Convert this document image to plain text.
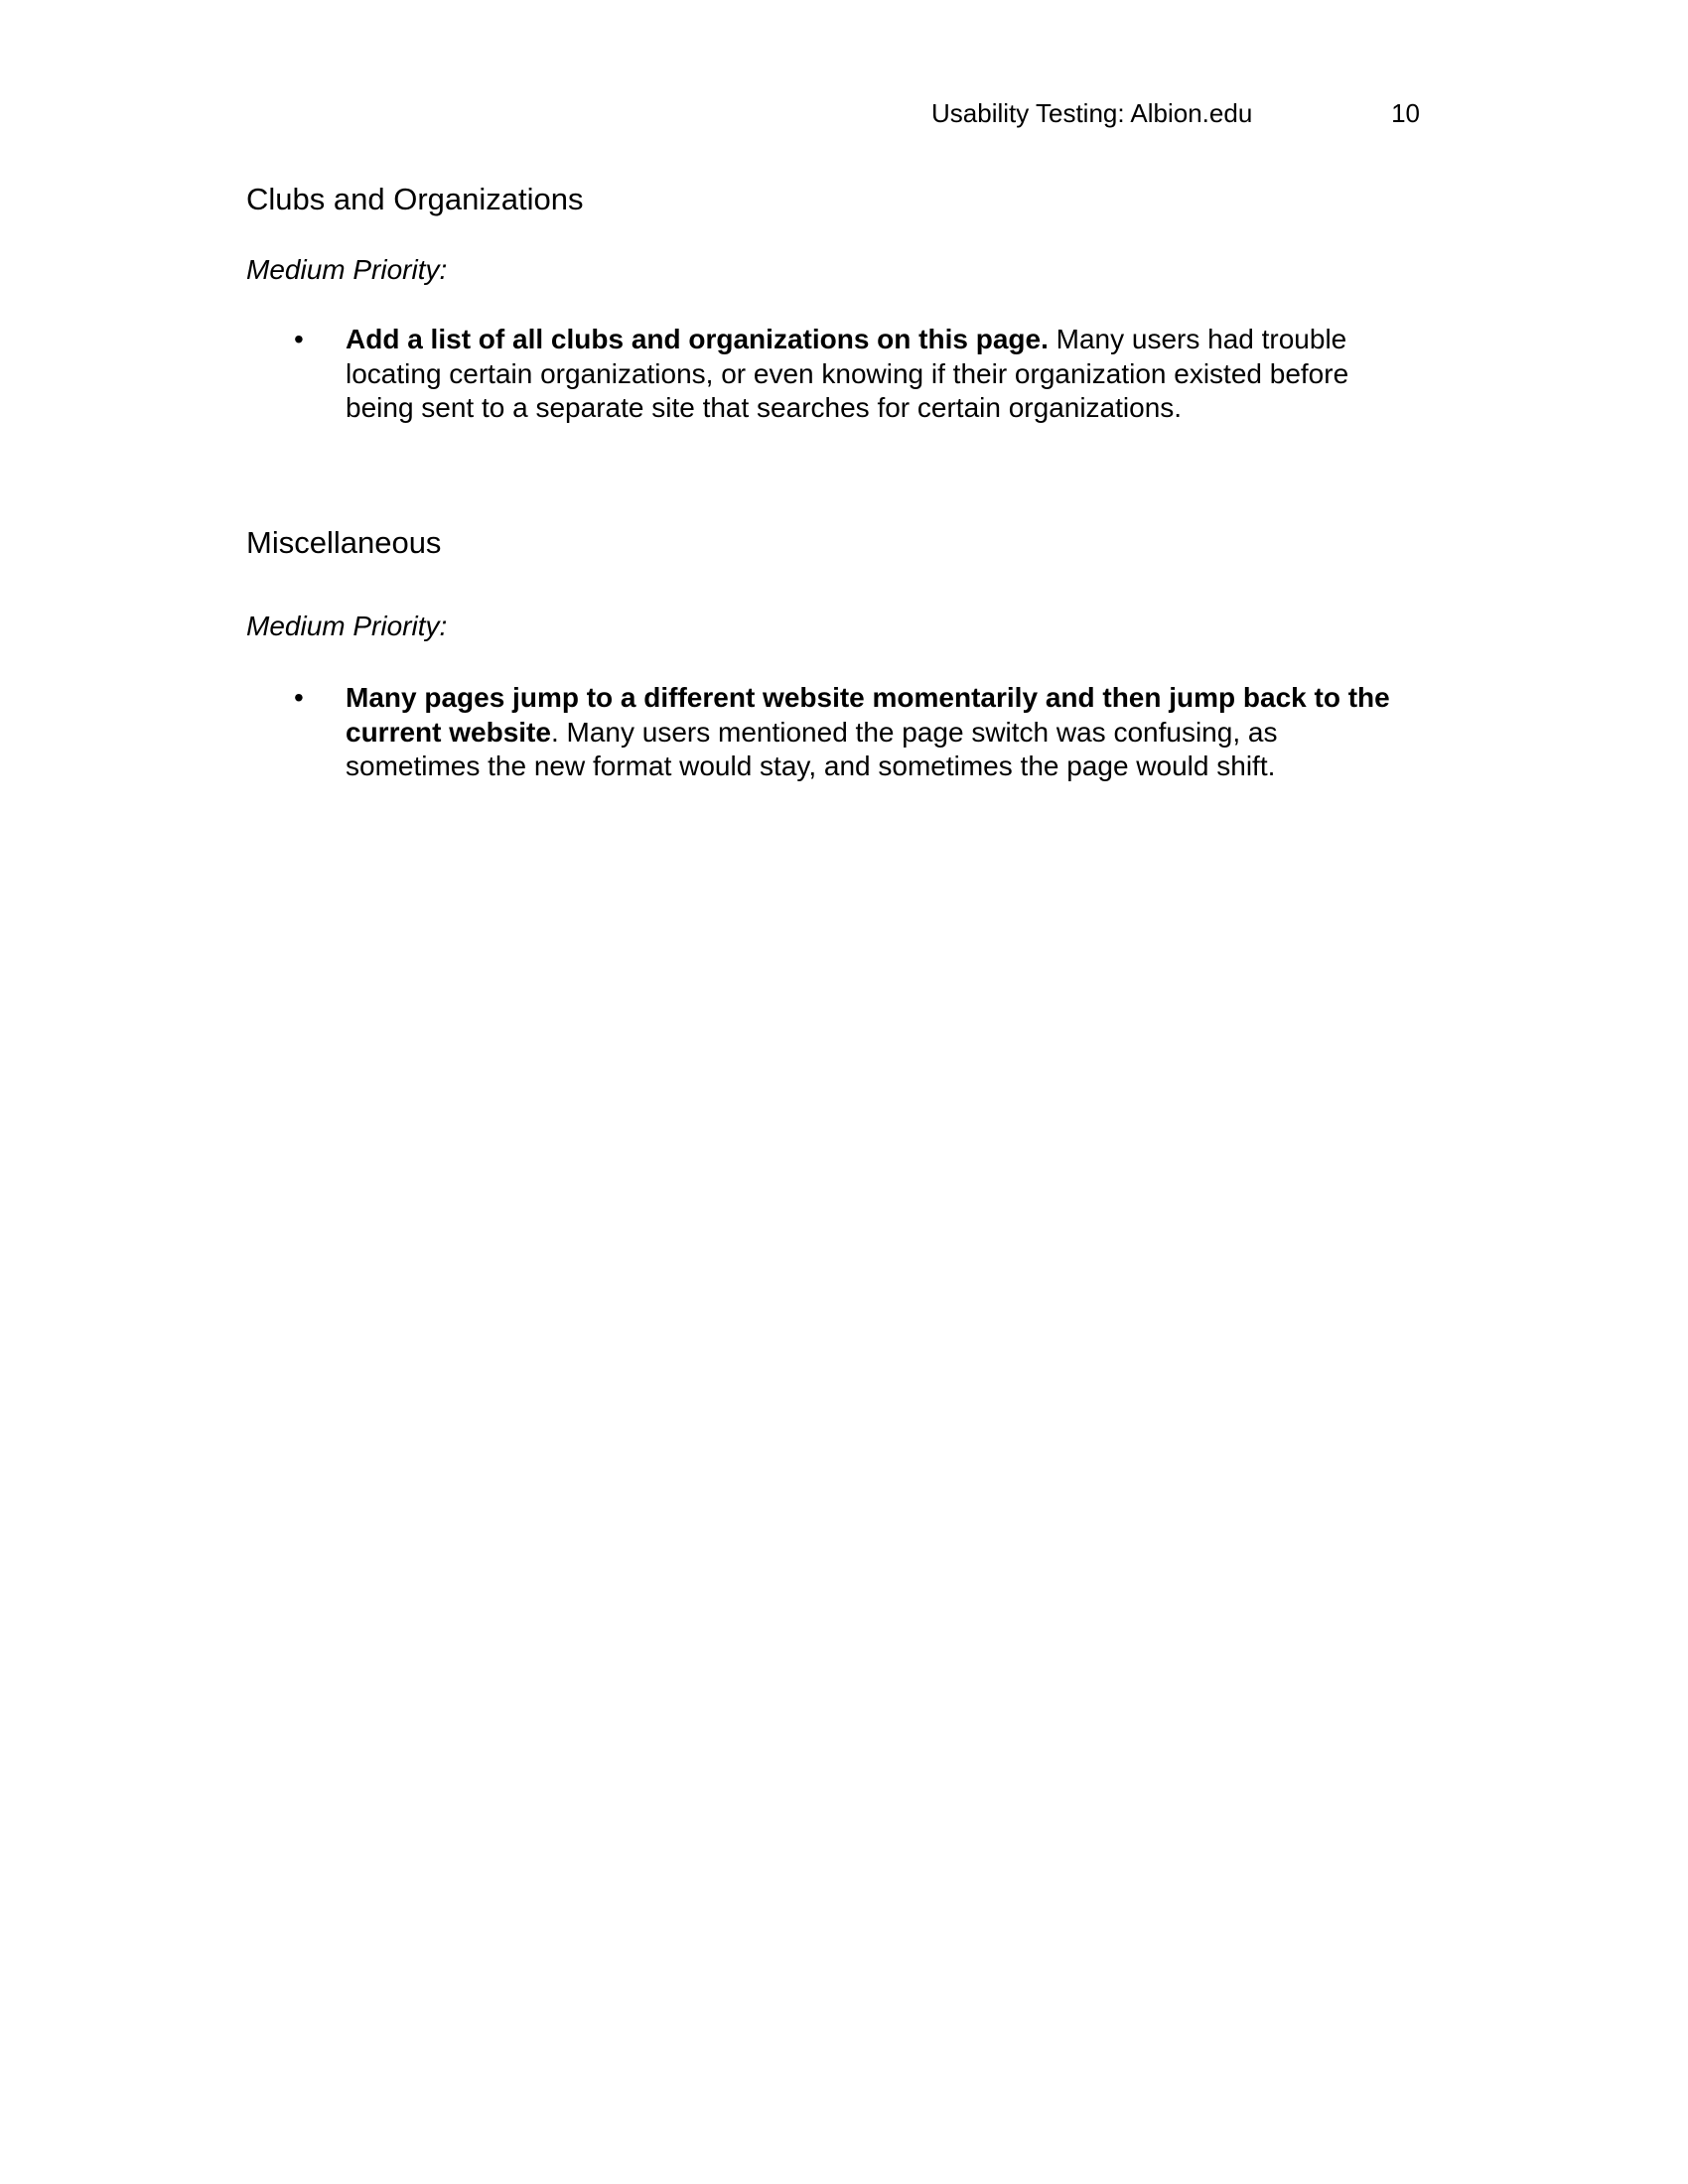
Usability Testing: Albion.edu	10
Clubs and Organizations

Medium Priority:

• Add a list of all clubs and organizations on this page. Many users had trouble locating certain organizations, or even knowing if their organization existed before being sent to a separate site that searches for certain organizations.
Miscellaneous

Medium Priority:

• Many pages jump to a different website momentarily and then jump back to the current website. Many users mentioned the page switch was confusing, as sometimes the new format would stay, and sometimes the page would shift.
